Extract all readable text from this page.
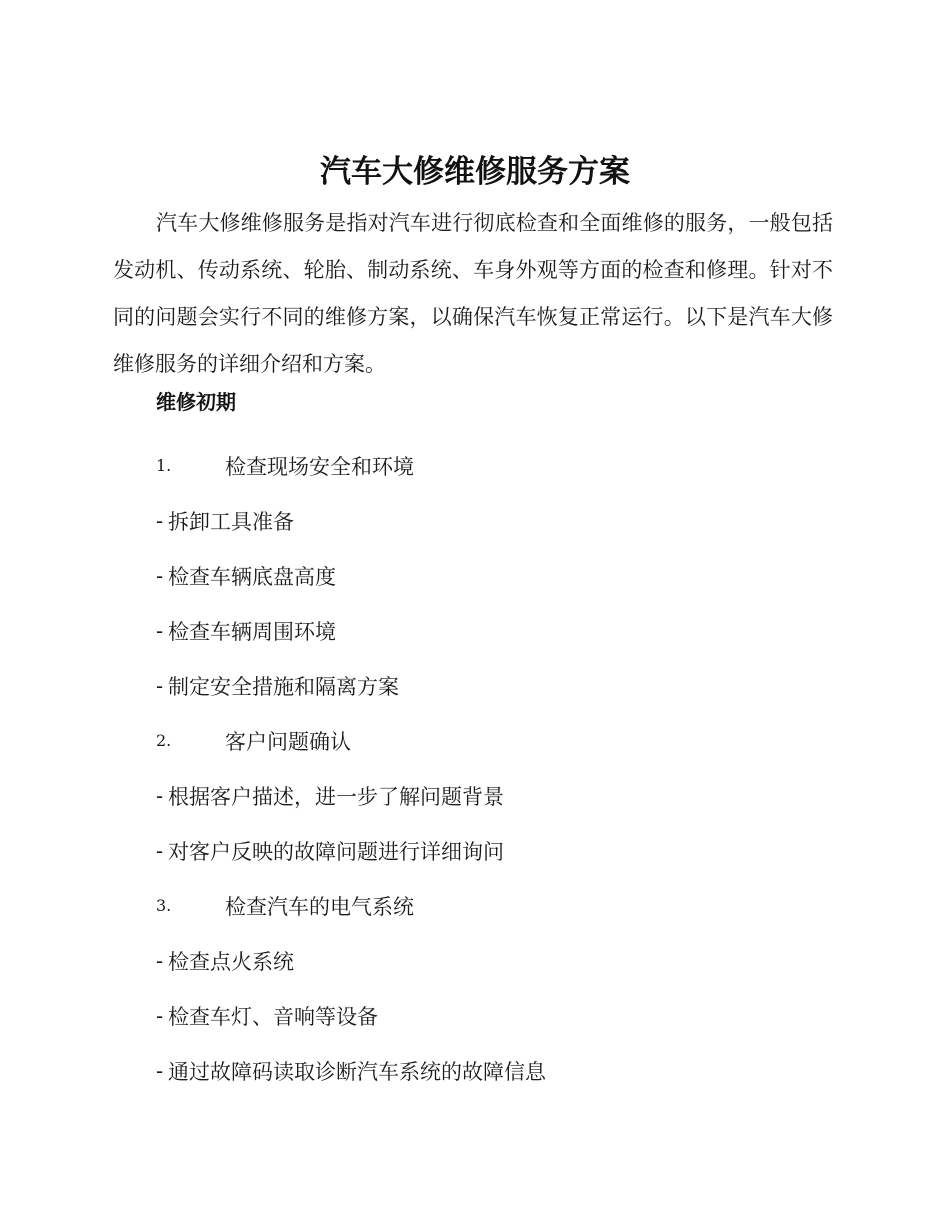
汽车大修维修服务方案

汽车大修维修服务是指对汽车进行彻底检查和全面维修的服务，一般包括发动机、传动系统、轮胎、制动系统、车身外观等方面的检查和修理。针对不同的问题会实行不同的维修方案，以确保汽车恢复正常运行。以下是汽车大修维修服务的详细介绍和方案。

维修初期
1.	检查现场安全和环境
- 拆卸工具准备
- 检查车辆底盘高度
- 检查车辆周围环境
- 制定安全措施和隔离方案
2.	客户问题确认
- 根据客户描述，进一步了解问题背景
- 对客户反映的故障问题进行详细询问
3.	检查汽车的电气系统
- 检查点火系统
- 检查车灯、音响等设备
- 通过故障码读取诊断汽车系统的故障信息
